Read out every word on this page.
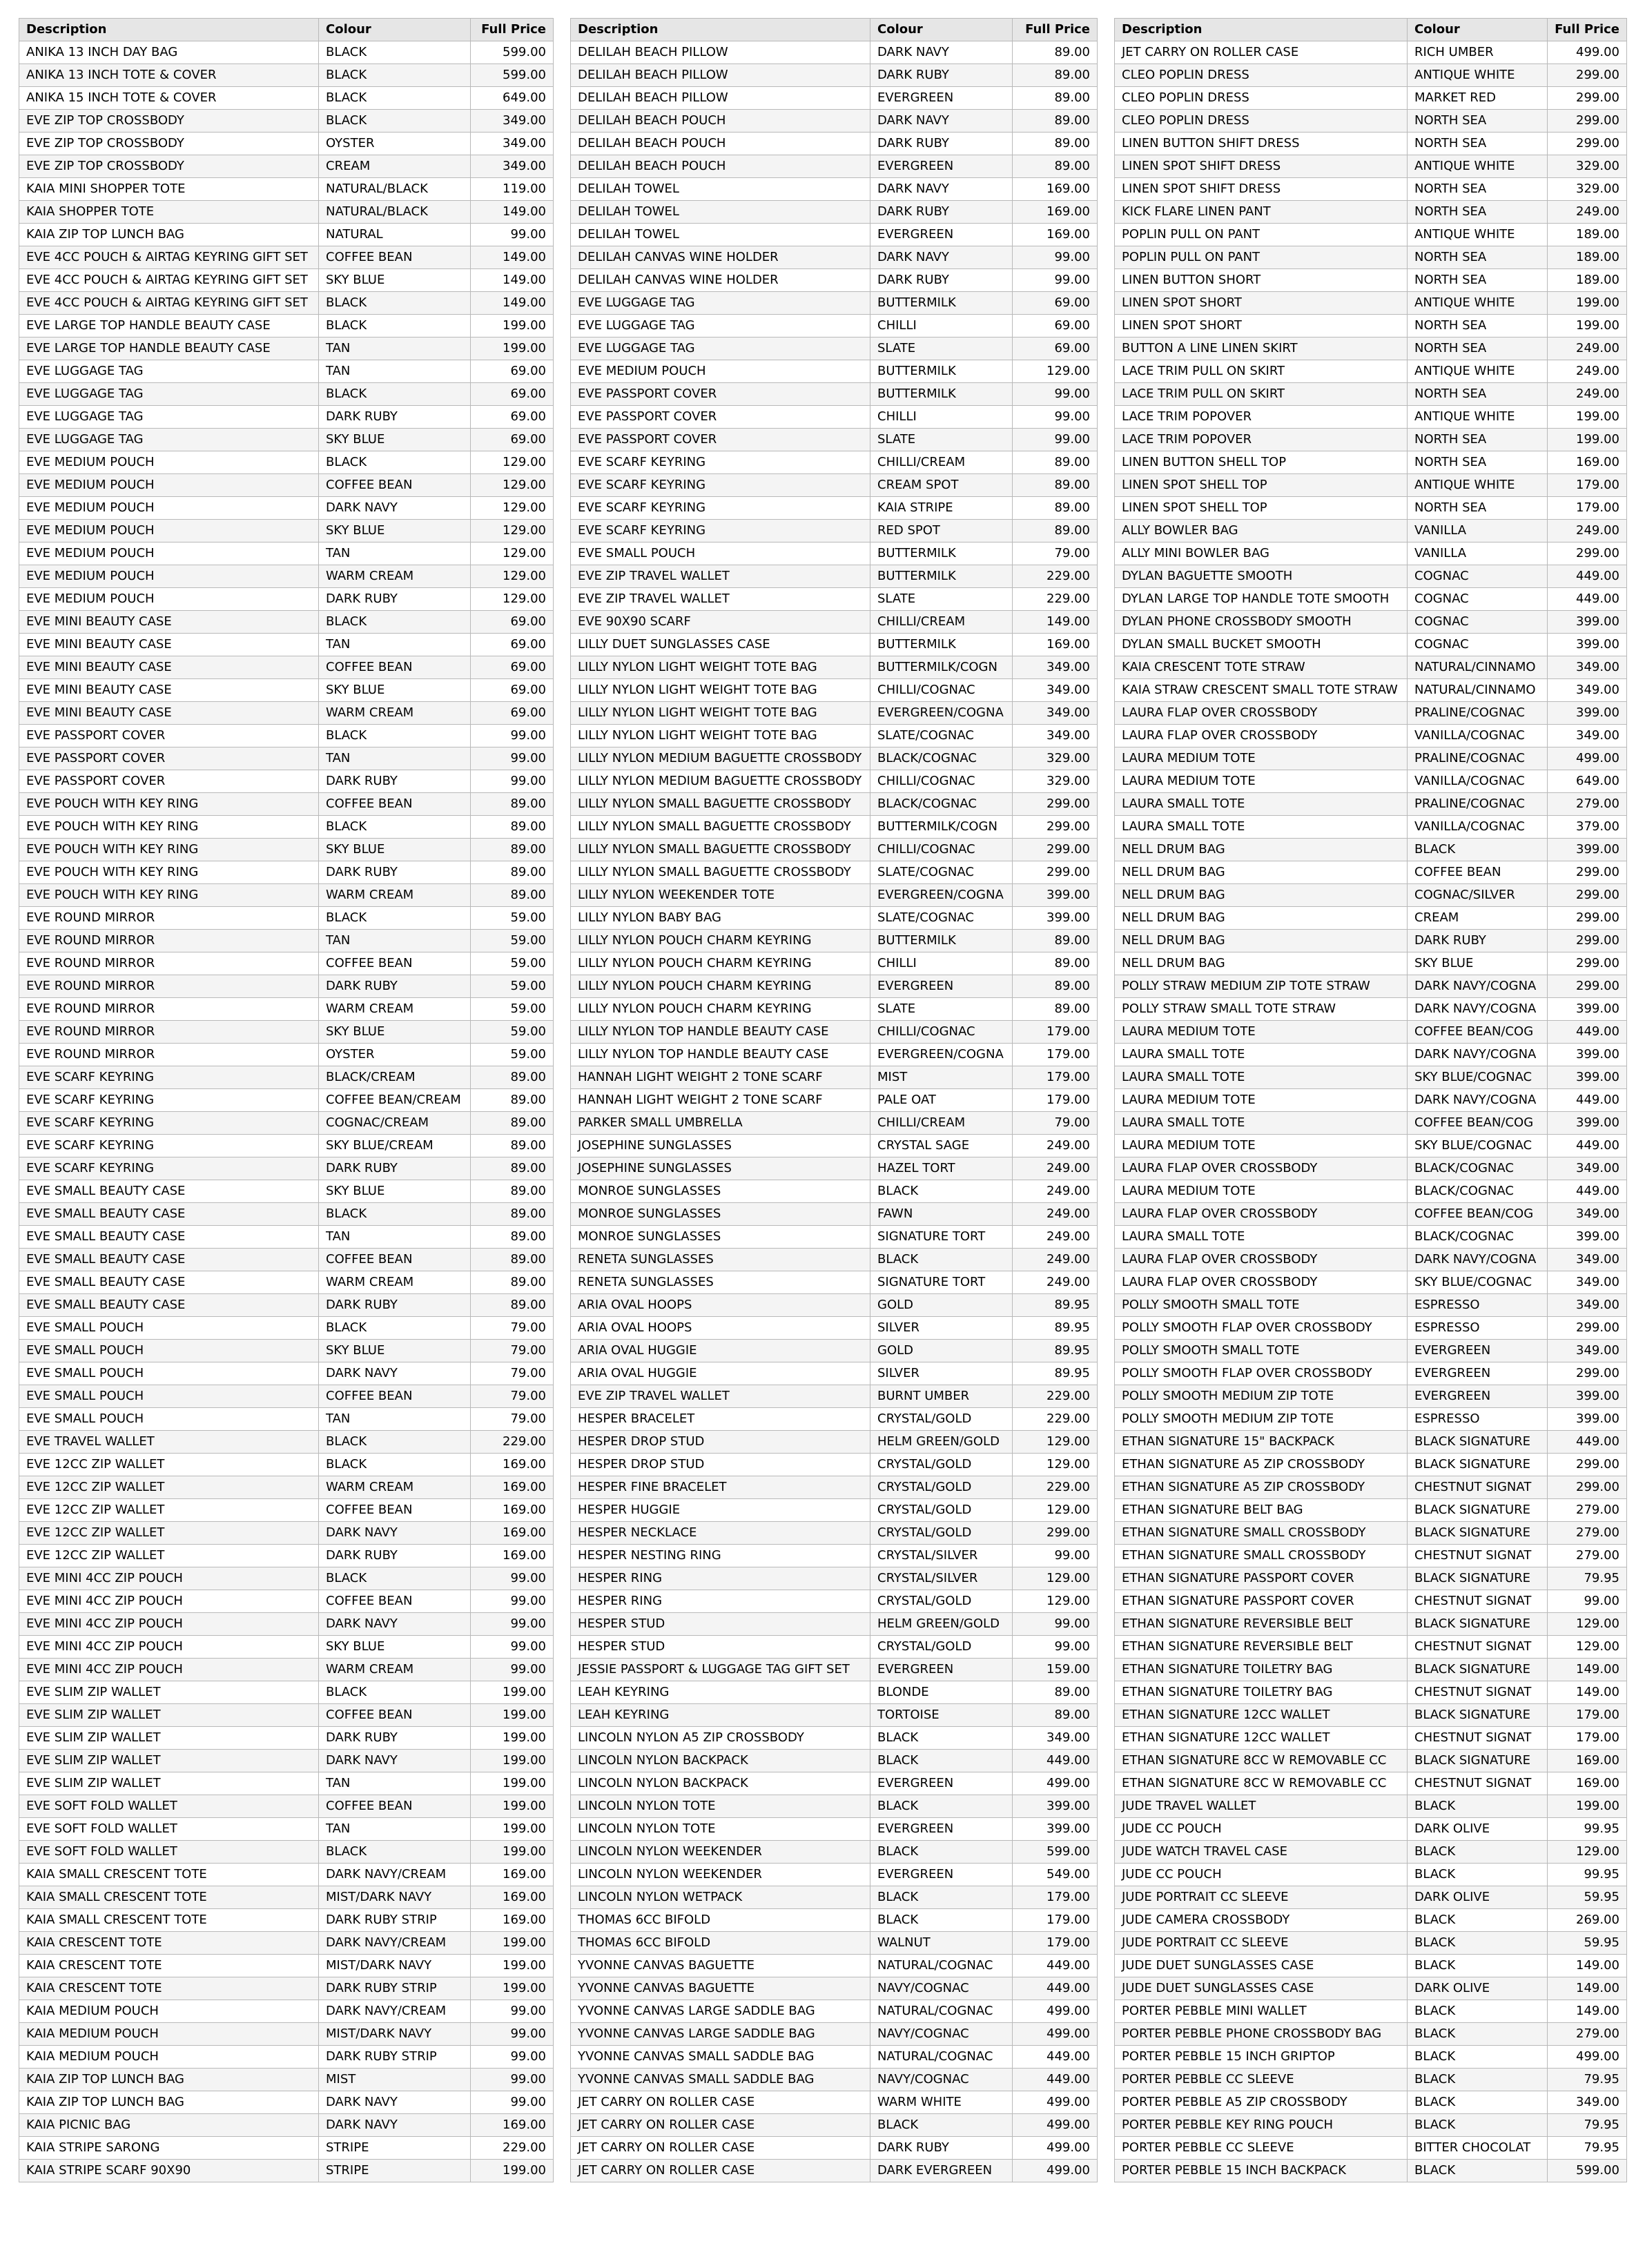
Description	Colour	Full Price
ANIKA 13 INCH DAY BAG	BLACK	599.00
ANIKA 13 INCH TOTE & COVER	BLACK	599.00
ANIKA 15 INCH TOTE & COVER	BLACK	649.00
EVE ZIP TOP CROSSBODY	BLACK	349.00
EVE ZIP TOP CROSSBODY	OYSTER	349.00
EVE ZIP TOP CROSSBODY	CREAM	349.00
KAIA MINI SHOPPER TOTE	NATURAL/BLACK	119.00
KAIA SHOPPER TOTE	NATURAL/BLACK	149.00
KAIA ZIP TOP LUNCH BAG	NATURAL	99.00
EVE 4CC POUCH & AIRTAG KEYRING GIFT SET	COFFEE BEAN	149.00
EVE 4CC POUCH & AIRTAG KEYRING GIFT SET	SKY BLUE	149.00
EVE 4CC POUCH & AIRTAG KEYRING GIFT SET	BLACK	149.00
EVE LARGE TOP HANDLE BEAUTY CASE	BLACK	199.00
EVE LARGE TOP HANDLE BEAUTY CASE	TAN	199.00
EVE LUGGAGE TAG	TAN	69.00
EVE LUGGAGE TAG	BLACK	69.00
EVE LUGGAGE TAG	DARK RUBY	69.00
EVE LUGGAGE TAG	SKY BLUE	69.00
EVE MEDIUM POUCH	BLACK	129.00
EVE MEDIUM POUCH	COFFEE BEAN	129.00
EVE MEDIUM POUCH	DARK NAVY	129.00
EVE MEDIUM POUCH	SKY BLUE	129.00
EVE MEDIUM POUCH	TAN	129.00
EVE MEDIUM POUCH	WARM CREAM	129.00
EVE MEDIUM POUCH	DARK RUBY	129.00
EVE MINI BEAUTY CASE	BLACK	69.00
EVE MINI BEAUTY CASE	TAN	69.00
EVE MINI BEAUTY CASE	COFFEE BEAN	69.00
EVE MINI BEAUTY CASE	SKY BLUE	69.00
EVE MINI BEAUTY CASE	WARM CREAM	69.00
EVE PASSPORT COVER	BLACK	99.00
EVE PASSPORT COVER	TAN	99.00
EVE PASSPORT COVER	DARK RUBY	99.00
EVE POUCH WITH KEY RING	COFFEE BEAN	89.00
EVE POUCH WITH KEY RING	BLACK	89.00
EVE POUCH WITH KEY RING	SKY BLUE	89.00
EVE POUCH WITH KEY RING	DARK RUBY	89.00
EVE POUCH WITH KEY RING	WARM CREAM	89.00
EVE ROUND MIRROR	BLACK	59.00
EVE ROUND MIRROR	TAN	59.00
EVE ROUND MIRROR	COFFEE BEAN	59.00
EVE ROUND MIRROR	DARK RUBY	59.00
EVE ROUND MIRROR	WARM CREAM	59.00
EVE ROUND MIRROR	SKY BLUE	59.00
EVE ROUND MIRROR	OYSTER	59.00
EVE SCARF KEYRING	BLACK/CREAM	89.00
EVE SCARF KEYRING	COFFEE BEAN/CREAM	89.00
EVE SCARF KEYRING	COGNAC/CREAM	89.00
EVE SCARF KEYRING	SKY BLUE/CREAM	89.00
EVE SCARF KEYRING	DARK RUBY	89.00
EVE SMALL BEAUTY CASE	SKY BLUE	89.00
EVE SMALL BEAUTY CASE	BLACK	89.00
EVE SMALL BEAUTY CASE	TAN	89.00
EVE SMALL BEAUTY CASE	COFFEE BEAN	89.00
EVE SMALL BEAUTY CASE	WARM CREAM	89.00
EVE SMALL BEAUTY CASE	DARK RUBY	89.00
EVE SMALL POUCH	BLACK	79.00
EVE SMALL POUCH	SKY BLUE	79.00
EVE SMALL POUCH	DARK NAVY	79.00
EVE SMALL POUCH	COFFEE BEAN	79.00
EVE SMALL POUCH	TAN	79.00
EVE TRAVEL WALLET	BLACK	229.00
EVE 12CC ZIP WALLET	BLACK	169.00
EVE 12CC ZIP WALLET	WARM CREAM	169.00
EVE 12CC ZIP WALLET	COFFEE BEAN	169.00
EVE 12CC ZIP WALLET	DARK NAVY	169.00
EVE 12CC ZIP WALLET	DARK RUBY	169.00
EVE MINI 4CC ZIP POUCH	BLACK	99.00
EVE MINI 4CC ZIP POUCH	COFFEE BEAN	99.00
EVE MINI 4CC ZIP POUCH	DARK NAVY	99.00
EVE MINI 4CC ZIP POUCH	SKY BLUE	99.00
EVE MINI 4CC ZIP POUCH	WARM CREAM	99.00
EVE SLIM ZIP WALLET	BLACK	199.00
EVE SLIM ZIP WALLET	COFFEE BEAN	199.00
EVE SLIM ZIP WALLET	DARK RUBY	199.00
EVE SLIM ZIP WALLET	DARK NAVY	199.00
EVE SLIM ZIP WALLET	TAN	199.00
EVE SOFT FOLD WALLET	COFFEE BEAN	199.00
EVE SOFT FOLD WALLET	TAN	199.00
EVE SOFT FOLD WALLET	BLACK	199.00
KAIA SMALL CRESCENT TOTE	DARK NAVY/CREAM	169.00
KAIA SMALL CRESCENT TOTE	MIST/DARK NAVY	169.00
KAIA SMALL CRESCENT TOTE	DARK RUBY STRIP	169.00
KAIA CRESCENT TOTE	DARK NAVY/CREAM	199.00
KAIA CRESCENT TOTE	MIST/DARK NAVY	199.00
KAIA CRESCENT TOTE	DARK RUBY STRIP	199.00
KAIA MEDIUM POUCH	DARK NAVY/CREAM	99.00
KAIA MEDIUM POUCH	MIST/DARK NAVY	99.00
KAIA MEDIUM POUCH	DARK RUBY STRIP	99.00
KAIA ZIP TOP LUNCH BAG	MIST	99.00
KAIA ZIP TOP LUNCH BAG	DARK NAVY	99.00
KAIA PICNIC BAG	DARK NAVY	169.00
KAIA STRIPE SARONG	STRIPE	229.00
KAIA STRIPE SCARF 90X90	STRIPE	199.00
Description	Colour	Full Price
DELILAH BEACH PILLOW	DARK NAVY	89.00
DELILAH BEACH PILLOW	DARK RUBY	89.00
DELILAH BEACH PILLOW	EVERGREEN	89.00
DELILAH BEACH POUCH	DARK NAVY	89.00
DELILAH BEACH POUCH	DARK RUBY	89.00
DELILAH BEACH POUCH	EVERGREEN	89.00
DELILAH TOWEL	DARK NAVY	169.00
DELILAH TOWEL	DARK RUBY	169.00
DELILAH TOWEL	EVERGREEN	169.00
DELILAH CANVAS WINE HOLDER	DARK NAVY	99.00
DELILAH CANVAS WINE HOLDER	DARK RUBY	99.00
EVE LUGGAGE TAG	BUTTERMILK	69.00
EVE LUGGAGE TAG	CHILLI	69.00
EVE LUGGAGE TAG	SLATE	69.00
EVE MEDIUM POUCH	BUTTERMILK	129.00
EVE PASSPORT COVER	BUTTERMILK	99.00
EVE PASSPORT COVER	CHILLI	99.00
EVE PASSPORT COVER	SLATE	99.00
EVE SCARF KEYRING	CHILLI/CREAM	89.00
EVE SCARF KEYRING	CREAM SPOT	89.00
EVE SCARF KEYRING	KAIA STRIPE	89.00
EVE SCARF KEYRING	RED SPOT	89.00
EVE SMALL POUCH	BUTTERMILK	79.00
EVE ZIP TRAVEL WALLET	BUTTERMILK	229.00
EVE ZIP TRAVEL WALLET	SLATE	229.00
EVE 90X90 SCARF	CHILLI/CREAM	149.00
LILLY DUET SUNGLASSES CASE	BUTTERMILK	169.00
LILLY NYLON LIGHT WEIGHT TOTE BAG	BUTTERMILK/COGN	349.00
LILLY NYLON LIGHT WEIGHT TOTE BAG	CHILLI/COGNAC	349.00
LILLY NYLON LIGHT WEIGHT TOTE BAG	EVERGREEN/COGNA	349.00
LILLY NYLON LIGHT WEIGHT TOTE BAG	SLATE/COGNAC	349.00
LILLY NYLON MEDIUM BAGUETTE CROSSBODY	BLACK/COGNAC	329.00
LILLY NYLON MEDIUM BAGUETTE CROSSBODY	CHILLI/COGNAC	329.00
LILLY NYLON SMALL BAGUETTE CROSSBODY	BLACK/COGNAC	299.00
LILLY NYLON SMALL BAGUETTE CROSSBODY	BUTTERMILK/COGN	299.00
LILLY NYLON SMALL BAGUETTE CROSSBODY	CHILLI/COGNAC	299.00
LILLY NYLON SMALL BAGUETTE CROSSBODY	SLATE/COGNAC	299.00
LILLY NYLON WEEKENDER TOTE	EVERGREEN/COGNA	399.00
LILLY NYLON BABY BAG	SLATE/COGNAC	399.00
LILLY NYLON POUCH CHARM KEYRING	BUTTERMILK	89.00
LILLY NYLON POUCH CHARM KEYRING	CHILLI	89.00
LILLY NYLON POUCH CHARM KEYRING	EVERGREEN	89.00
LILLY NYLON POUCH CHARM KEYRING	SLATE	89.00
LILLY NYLON TOP HANDLE BEAUTY CASE	CHILLI/COGNAC	179.00
LILLY NYLON TOP HANDLE BEAUTY CASE	EVERGREEN/COGNA	179.00
HANNAH LIGHT WEIGHT 2 TONE SCARF	MIST	179.00
HANNAH LIGHT WEIGHT 2 TONE SCARF	PALE OAT	179.00
PARKER SMALL UMBRELLA	CHILLI/CREAM	79.00
JOSEPHINE SUNGLASSES	CRYSTAL SAGE	249.00
JOSEPHINE SUNGLASSES	HAZEL TORT	249.00
MONROE SUNGLASSES	BLACK	249.00
MONROE SUNGLASSES	FAWN	249.00
MONROE SUNGLASSES	SIGNATURE TORT	249.00
RENETA SUNGLASSES	BLACK	249.00
RENETA SUNGLASSES	SIGNATURE TORT	249.00
ARIA OVAL HOOPS	GOLD	89.95
ARIA OVAL HOOPS	SILVER	89.95
ARIA OVAL HUGGIE	GOLD	89.95
ARIA OVAL HUGGIE	SILVER	89.95
EVE ZIP TRAVEL WALLET	BURNT UMBER	229.00
HESPER BRACELET	CRYSTAL/GOLD	229.00
HESPER DROP STUD	HELM GREEN/GOLD	129.00
HESPER DROP STUD	CRYSTAL/GOLD	129.00
HESPER FINE BRACELET	CRYSTAL/GOLD	229.00
HESPER HUGGIE	CRYSTAL/GOLD	129.00
HESPER NECKLACE	CRYSTAL/GOLD	299.00
HESPER NESTING RING	CRYSTAL/SILVER	99.00
HESPER RING	CRYSTAL/SILVER	129.00
HESPER RING	CRYSTAL/GOLD	129.00
HESPER STUD	HELM GREEN/GOLD	99.00
HESPER STUD	CRYSTAL/GOLD	99.00
JESSIE PASSPORT & LUGGAGE TAG GIFT SET	EVERGREEN	159.00
LEAH KEYRING	BLONDE	89.00
LEAH KEYRING	TORTOISE	89.00
LINCOLN NYLON A5 ZIP CROSSBODY	BLACK	349.00
LINCOLN NYLON BACKPACK	BLACK	449.00
LINCOLN NYLON BACKPACK	EVERGREEN	499.00
LINCOLN NYLON TOTE	BLACK	399.00
LINCOLN NYLON TOTE	EVERGREEN	399.00
LINCOLN NYLON WEEKENDER	BLACK	599.00
LINCOLN NYLON WEEKENDER	EVERGREEN	549.00
LINCOLN NYLON WETPACK	BLACK	179.00
THOMAS 6CC BIFOLD	BLACK	179.00
THOMAS 6CC BIFOLD	WALNUT	179.00
YVONNE CANVAS BAGUETTE	NATURAL/COGNAC	449.00
YVONNE CANVAS BAGUETTE	NAVY/COGNAC	449.00
YVONNE CANVAS LARGE SADDLE BAG	NATURAL/COGNAC	499.00
YVONNE CANVAS LARGE SADDLE BAG	NAVY/COGNAC	499.00
YVONNE CANVAS SMALL SADDLE BAG	NATURAL/COGNAC	449.00
YVONNE CANVAS SMALL SADDLE BAG	NAVY/COGNAC	449.00
JET CARRY ON ROLLER CASE	WARM WHITE	499.00
JET CARRY ON ROLLER CASE	BLACK	499.00
JET CARRY ON ROLLER CASE	DARK RUBY	499.00
JET CARRY ON ROLLER CASE	DARK EVERGREEN	499.00
Description	Colour	Full Price
JET CARRY ON ROLLER CASE	RICH UMBER	499.00
CLEO POPLIN DRESS	ANTIQUE WHITE	299.00
CLEO POPLIN DRESS	MARKET RED	299.00
CLEO POPLIN DRESS	NORTH SEA	299.00
LINEN BUTTON SHIFT DRESS	NORTH SEA	299.00
LINEN SPOT SHIFT DRESS	ANTIQUE WHITE	329.00
LINEN SPOT SHIFT DRESS	NORTH SEA	329.00
KICK FLARE LINEN PANT	NORTH SEA	249.00
POPLIN PULL ON PANT	ANTIQUE WHITE	189.00
POPLIN PULL ON PANT	NORTH SEA	189.00
LINEN BUTTON SHORT	NORTH SEA	189.00
LINEN SPOT SHORT	ANTIQUE WHITE	199.00
LINEN SPOT SHORT	NORTH SEA	199.00
BUTTON A LINE LINEN SKIRT	NORTH SEA	249.00
LACE TRIM PULL ON SKIRT	ANTIQUE WHITE	249.00
LACE TRIM PULL ON SKIRT	NORTH SEA	249.00
LACE TRIM POPOVER	ANTIQUE WHITE	199.00
LACE TRIM POPOVER	NORTH SEA	199.00
LINEN BUTTON SHELL TOP	NORTH SEA	169.00
LINEN SPOT SHELL TOP	ANTIQUE WHITE	179.00
LINEN SPOT SHELL TOP	NORTH SEA	179.00
ALLY BOWLER BAG	VANILLA	249.00
ALLY MINI BOWLER BAG	VANILLA	299.00
DYLAN BAGUETTE SMOOTH	COGNAC	449.00
DYLAN LARGE TOP HANDLE TOTE SMOOTH	COGNAC	449.00
DYLAN PHONE CROSSBODY SMOOTH	COGNAC	399.00
DYLAN SMALL BUCKET SMOOTH	COGNAC	399.00
KAIA CRESCENT TOTE STRAW	NATURAL/CINNAMO	349.00
KAIA STRAW CRESCENT SMALL TOTE STRAW	NATURAL/CINNAMO	349.00
LAURA FLAP OVER CROSSBODY	PRALINE/COGNAC	399.00
LAURA FLAP OVER CROSSBODY	VANILLA/COGNAC	349.00
LAURA MEDIUM TOTE	PRALINE/COGNAC	499.00
LAURA MEDIUM TOTE	VANILLA/COGNAC	649.00
LAURA SMALL TOTE	PRALINE/COGNAC	279.00
LAURA SMALL TOTE	VANILLA/COGNAC	379.00
NELL DRUM BAG	BLACK	399.00
NELL DRUM BAG	COFFEE BEAN	299.00
NELL DRUM BAG	COGNAC/SILVER	299.00
NELL DRUM BAG	CREAM	299.00
NELL DRUM BAG	DARK RUBY	299.00
NELL DRUM BAG	SKY BLUE	299.00
POLLY STRAW MEDIUM ZIP TOTE STRAW	DARK NAVY/COGNA	299.00
POLLY STRAW SMALL TOTE STRAW	DARK NAVY/COGNA	399.00
LAURA MEDIUM TOTE	COFFEE BEAN/COG	449.00
LAURA SMALL TOTE	DARK NAVY/COGNA	399.00
LAURA SMALL TOTE	SKY BLUE/COGNAC	399.00
LAURA MEDIUM TOTE	DARK NAVY/COGNA	449.00
LAURA SMALL TOTE	COFFEE BEAN/COG	399.00
LAURA MEDIUM TOTE	SKY BLUE/COGNAC	449.00
LAURA FLAP OVER CROSSBODY	BLACK/COGNAC	349.00
LAURA MEDIUM TOTE	BLACK/COGNAC	449.00
LAURA FLAP OVER CROSSBODY	COFFEE BEAN/COG	349.00
LAURA SMALL TOTE	BLACK/COGNAC	399.00
LAURA FLAP OVER CROSSBODY	DARK NAVY/COGNA	349.00
LAURA FLAP OVER CROSSBODY	SKY BLUE/COGNAC	349.00
POLLY SMOOTH SMALL TOTE	ESPRESSO	349.00
POLLY SMOOTH FLAP OVER CROSSBODY	ESPRESSO	299.00
POLLY SMOOTH SMALL TOTE	EVERGREEN	349.00
POLLY SMOOTH FLAP OVER CROSSBODY	EVERGREEN	299.00
POLLY SMOOTH MEDIUM ZIP TOTE	EVERGREEN	399.00
POLLY SMOOTH MEDIUM ZIP TOTE	ESPRESSO	399.00
ETHAN SIGNATURE 15" BACKPACK	BLACK SIGNATURE	449.00
ETHAN SIGNATURE A5 ZIP CROSSBODY	BLACK SIGNATURE	299.00
ETHAN SIGNATURE A5 ZIP CROSSBODY	CHESTNUT SIGNAT	299.00
ETHAN SIGNATURE BELT BAG	BLACK SIGNATURE	279.00
ETHAN SIGNATURE SMALL CROSSBODY	BLACK SIGNATURE	279.00
ETHAN SIGNATURE SMALL CROSSBODY	CHESTNUT SIGNAT	279.00
ETHAN SIGNATURE PASSPORT COVER	BLACK SIGNATURE	79.95
ETHAN SIGNATURE PASSPORT COVER	CHESTNUT SIGNAT	99.00
ETHAN SIGNATURE REVERSIBLE BELT	BLACK SIGNATURE	129.00
ETHAN SIGNATURE REVERSIBLE BELT	CHESTNUT SIGNAT	129.00
ETHAN SIGNATURE TOILETRY BAG	BLACK SIGNATURE	149.00
ETHAN SIGNATURE TOILETRY BAG	CHESTNUT SIGNAT	149.00
ETHAN SIGNATURE 12CC WALLET	BLACK SIGNATURE	179.00
ETHAN SIGNATURE 12CC WALLET	CHESTNUT SIGNAT	179.00
ETHAN SIGNATURE 8CC W REMOVABLE CC	BLACK SIGNATURE	169.00
ETHAN SIGNATURE 8CC W REMOVABLE CC	CHESTNUT SIGNAT	169.00
JUDE TRAVEL WALLET	BLACK	199.00
JUDE CC POUCH	DARK OLIVE	99.95
JUDE WATCH TRAVEL CASE	BLACK	129.00
JUDE CC POUCH	BLACK	99.95
JUDE PORTRAIT CC SLEEVE	DARK OLIVE	59.95
JUDE CAMERA CROSSBODY	BLACK	269.00
JUDE PORTRAIT CC SLEEVE	BLACK	59.95
JUDE DUET SUNGLASSES CASE	BLACK	149.00
JUDE DUET SUNGLASSES CASE	DARK OLIVE	149.00
PORTER PEBBLE MINI WALLET	BLACK	149.00
PORTER PEBBLE PHONE CROSSBODY BAG	BLACK	279.00
PORTER PEBBLE 15 INCH GRIPTOP	BLACK	499.00
PORTER PEBBLE CC SLEEVE	BLACK	79.95
PORTER PEBBLE A5 ZIP CROSSBODY	BLACK	349.00
PORTER PEBBLE KEY RING POUCH	BLACK	79.95
PORTER PEBBLE CC SLEEVE	BITTER CHOCOLAT	79.95
PORTER PEBBLE 15 INCH BACKPACK	BLACK	599.00
